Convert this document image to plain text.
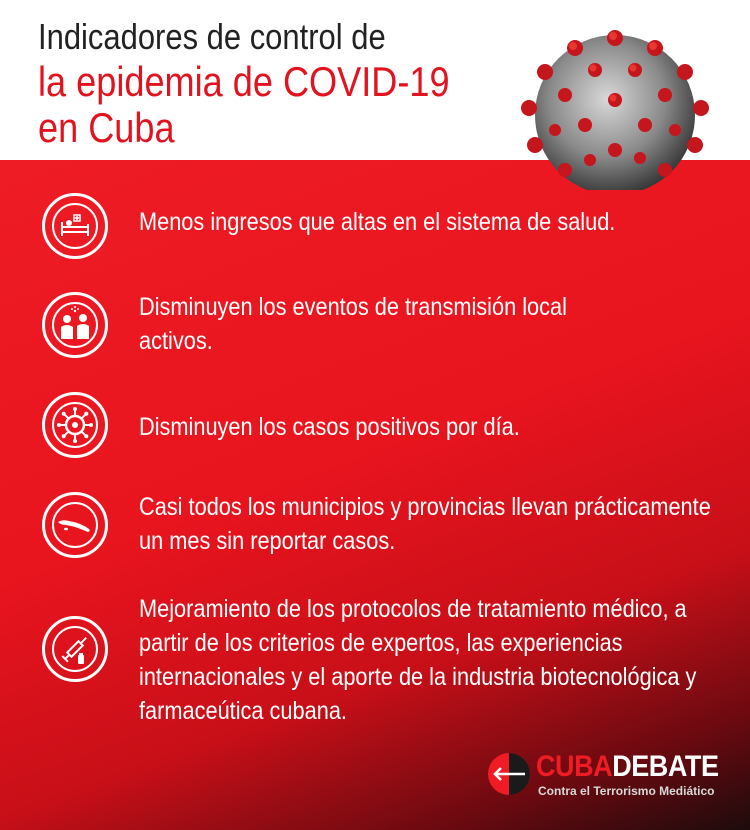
Indicadores de control de
la epidemia de COVID-19
en Cuba
Menos ingresos que altas en el sistema de salud.
Disminuyen los eventos de transmisión local activos.
Disminuyen los casos positivos por día.
Casi todos los municipios y provincias llevan prácticamente un mes sin reportar casos.
Mejoramiento de los protocolos de tratamiento médico, a partir de los criterios de expertos, las experiencias internacionales y el aporte de la industria biotecnológica y farmaceútica cubana.
CUBADEBATE
Contra el Terrorismo Mediático
